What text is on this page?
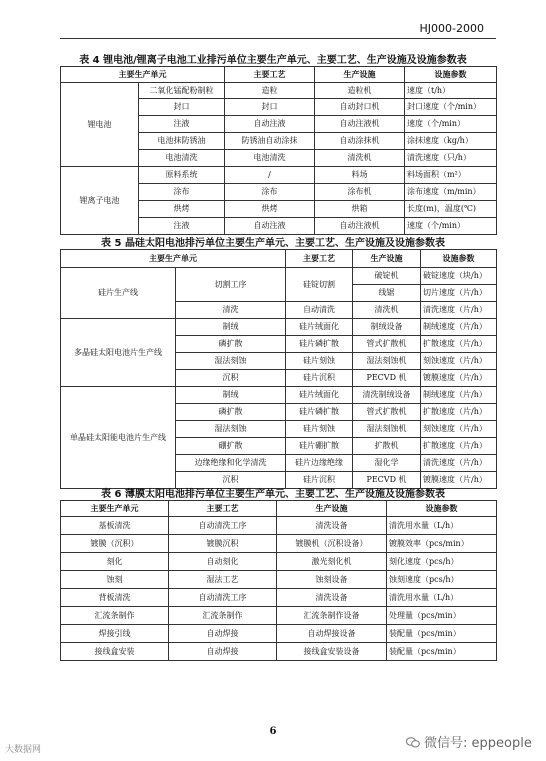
HJ000-2000
表 4 锂电池/锂离子电池工业排污单位主要生产单元、主要工艺、生产设施及设施参数表
主要生产单元		主要工艺	生产设施	设施参数
锂电池	二氧化锰配粉制粒	造粒	造粒机	速度（t/h）
	封口	封口	自动封口机	封口速度（个/min）
	注液	自动注液	自动注液机	速度（个/min）
	电池抹防锈油	防锈油自动涂抹	自动涂抹机	涂抹速度（kg/h）
	电池清洗	电池清洗	清洗机	清洗速度（只/h）
锂离子电池	原料系统	/	料场	料场面积（m²）
	涂布	涂布	涂布机	涂布速度（m/min）
	烘烤	烘烤	烘箱	长度(m)，温度(℃)
	注液	自动注液	自动注液机	速度（个/min）
表 5 晶硅太阳电池排污单位主要生产单元、主要工艺、生产设施及设施参数表
主要生产单元		主要工艺	生产设施	设施参数
硅片生产线	切割工序	硅锭切割	破锭机	破锭速度（块/h）
			线锯	切片速度（片/h）
	清洗	自动清洗	清洗机	清洗速度（片/h）
多晶硅太阳电池片生产线	制绒	硅片绒面化	制绒设备	制绒速度（片/h）
	磷扩散	硅片磷扩散	管式扩散机	扩散速度（片/h）
	湿法刻蚀	硅片刻蚀	湿法刻蚀机	刻蚀速度（片/h）
	沉积	硅片沉积	PECVD 机	镀膜速度（片/h）
单晶硅太阳能电池片生产线	制绒	硅片绒面化	清洗制绒设备	制绒速度（片/h）
	磷扩散	硅片磷扩散	管式扩散机	扩散速度（片/h）
	湿法刻蚀	硅片刻蚀	湿法刻蚀机	刻蚀速度（片/h）
	硼扩散	硅片硼扩散	扩散机	扩散速度（片/h）
	边缘绝缘和化学清洗	硅片边缘绝缘	湿化学	清洗速度（片/h）
	沉积	硅片沉积	PECVD 机	镀膜速度（片/h）
表 6 薄膜太阳电池排污单位主要生产单元、主要工艺、生产设施及设施参数表
主要生产单元	主要工艺	生产设施	设施参数
基板清洗	自动清洗工序	清洗设备	清洗用水量（L/h）
镀膜（沉积）	镀膜沉积	镀膜机（沉积设备）	镀膜效率（pcs/min）
刻化	自动刻化	激光刻化机	刻化速度（pcs/h）
蚀刻	湿法工艺	蚀刻设备	蚀刻速度（pcs/h）
背板清洗	自动清洗工序	清洗设备	清洗用水量（L/h）
汇流条制作	汇流条制作	汇流条制作设备	处理量（pcs/min）
焊接引线	自动焊接	自动焊接设备	装配量（pcs/min）
接线盒安装	自动焊接	接线盒安装设备	装配量（pcs/min）
6
大数据网	微信号: eppeople
